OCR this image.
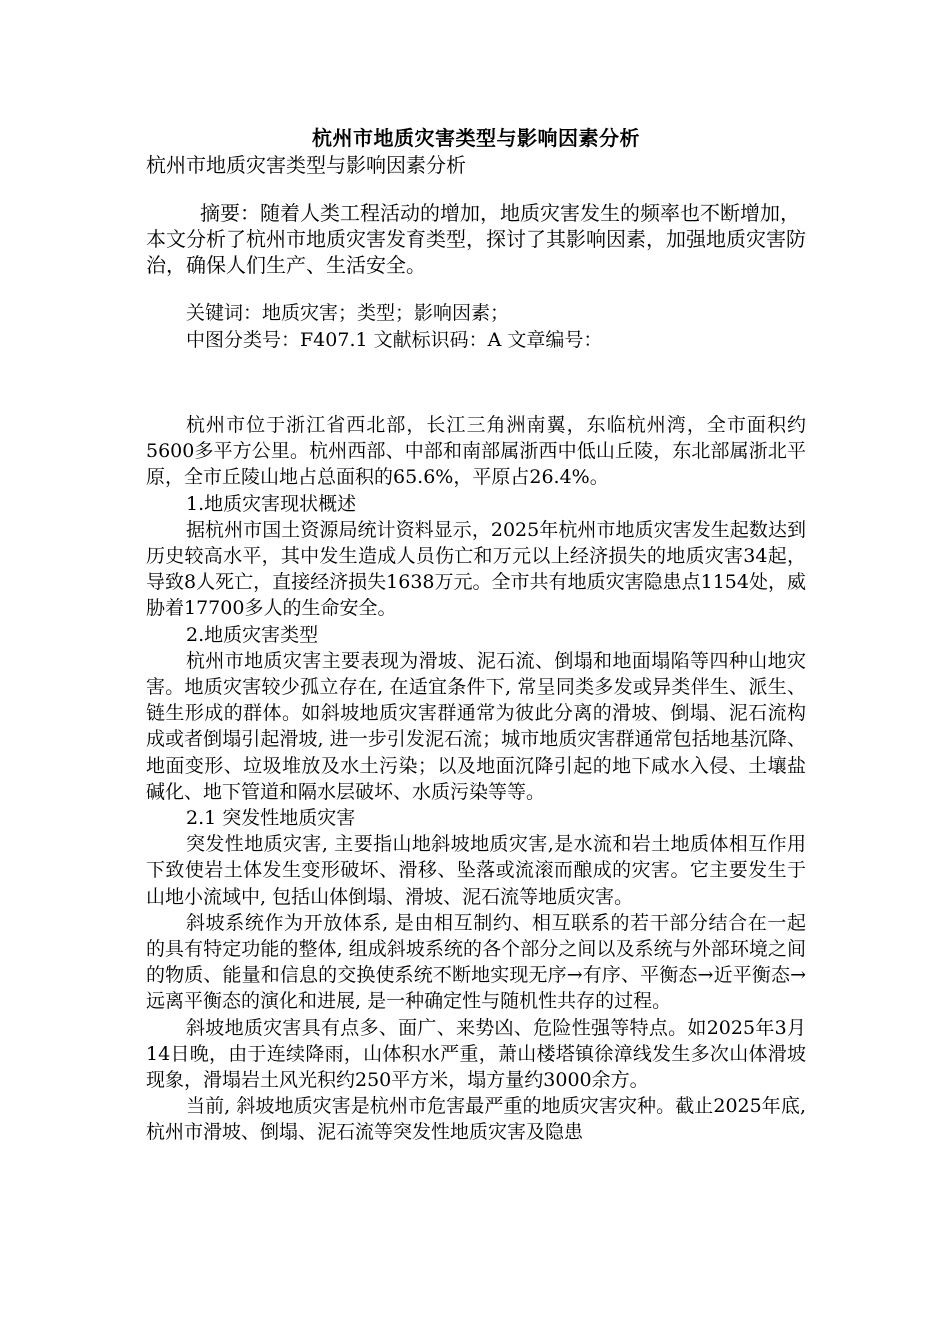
杭州市地质灾害类型与影响因素分析

杭州市地质灾害类型与影响因素分析

摘要：随着人类工程活动的增加，地质灾害发生的频率也不断增加，本文分析了杭州市地质灾害发育类型，探讨了其影响因素，加强地质灾害防治，确保人们生产、生活安全。

关键词：地质灾害；类型；影响因素；

中图分类号：F407.1 文献标识码：A 文章编号：

杭州市位于浙江省西北部，长江三角洲南翼，东临杭州湾，全市面积约5600多平方公里。杭州西部、中部和南部属浙西中低山丘陵，东北部属浙北平原，全市丘陵山地占总面积的65.6%，平原占26.4%。

1.地质灾害现状概述

据杭州市国土资源局统计资料显示，2025年杭州市地质灾害发生起数达到历史较高水平，其中发生造成人员伤亡和万元以上经济损失的地质灾害34起，导致8人死亡，直接经济损失1638万元。全市共有地质灾害隐患点1154处，威胁着17700多人的生命安全。

2.地质灾害类型

杭州市地质灾害主要表现为滑坡、泥石流、倒塌和地面塌陷等四种山地灾害。地质灾害较少孤立存在, 在适宜条件下, 常呈同类多发或异类伴生、派生、链生形成的群体。如斜坡地质灾害群通常为彼此分离的滑坡、倒塌、泥石流构成或者倒塌引起滑坡, 进一步引发泥石流；城市地质灾害群通常包括地基沉降、地面变形、垃圾堆放及水土污染；以及地面沉降引起的地下咸水入侵、土壤盐碱化、地下管道和隔水层破坏、水质污染等等。

2.1 突发性地质灾害

突发性地质灾害, 主要指山地斜坡地质灾害,是水流和岩土地质体相互作用下致使岩土体发生变形破坏、滑移、坠落或流滚而酿成的灾害。它主要发生于山地小流域中, 包括山体倒塌、滑坡、泥石流等地质灾害。

斜坡系统作为开放体系, 是由相互制约、相互联系的若干部分结合在一起的具有特定功能的整体, 组成斜坡系统的各个部分之间以及系统与外部环境之间的物质、能量和信息的交换使系统不断地实现无序→有序、平衡态→近平衡态→远离平衡态的演化和进展, 是一种确定性与随机性共存的过程。

斜坡地质灾害具有点多、面广、来势凶、危险性强等特点。如2025年3月14日晚，由于连续降雨，山体积水严重，萧山楼塔镇徐漳线发生多次山体滑坡现象，滑塌岩土风光积约250平方米，塌方量约3000余方。

当前, 斜坡地质灾害是杭州市危害最严重的地质灾害灾种。截止2025年底, 杭州市滑坡、倒塌、泥石流等突发性地质灾害及隐患
